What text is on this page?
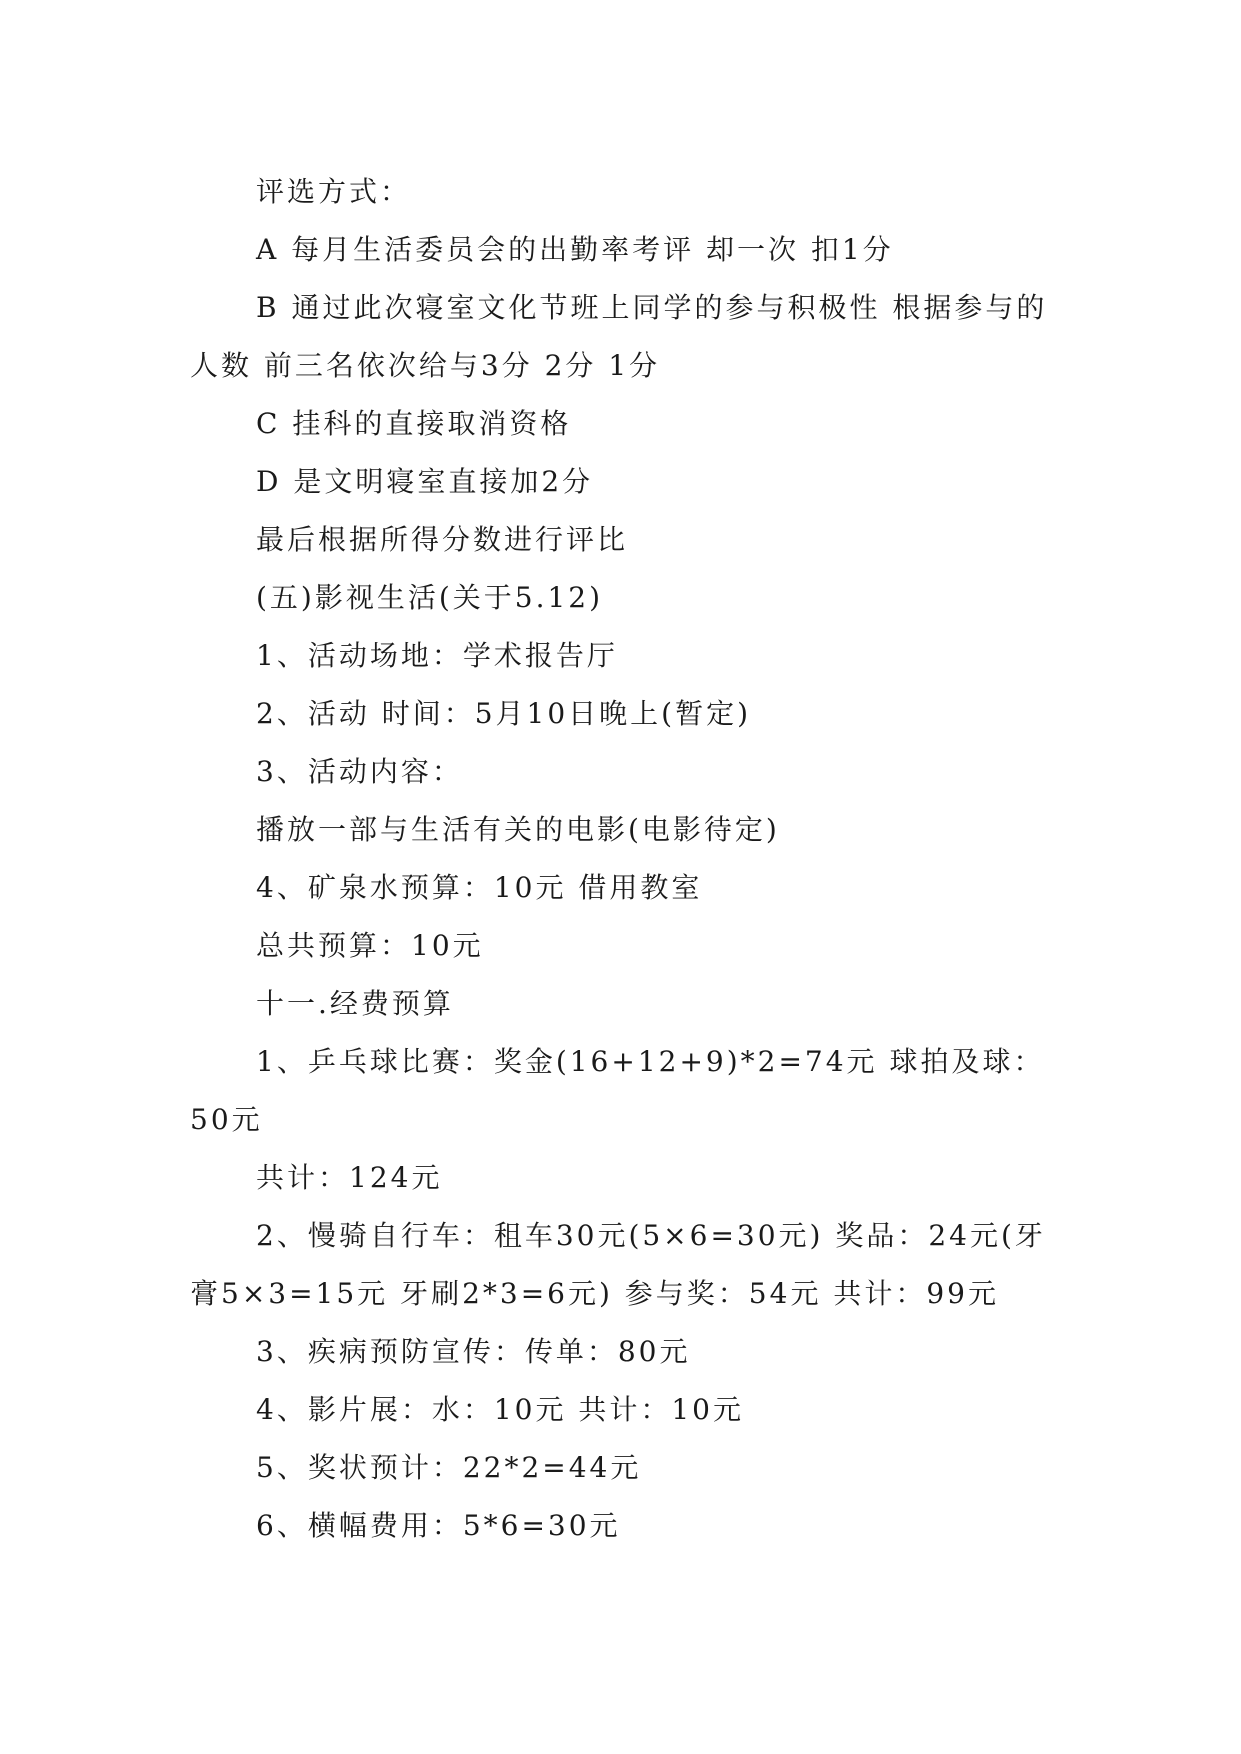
评选方式：

A 每月生活委员会的出勤率考评 却一次 扣1分

B 通过此次寝室文化节班上同学的参与积极性 根据参与的人数 前三名依次给与3分 2分 1分

C 挂科的直接取消资格

D 是文明寝室直接加2分

最后根据所得分数进行评比

(五)影视生活(关于5.12)

1、活动场地：学术报告厅

2、活动 时间：5月10日晚上(暂定)

3、活动内容：

播放一部与生活有关的电影(电影待定)

4、矿泉水预算：10元 借用教室

总共预算：10元

十一.经费预算

1、乒乓球比赛：奖金(16+12+9)*2=74元 球拍及球：50元

共计：124元

2、慢骑自行车：租车30元(5×6=30元) 奖品：24元(牙膏5×3=15元 牙刷2*3=6元) 参与奖：54元 共计：99元

3、疾病预防宣传：传单：80元

4、影片展：水：10元 共计：10元

5、奖状预计：22*2=44元

6、横幅费用：5*6=30元
